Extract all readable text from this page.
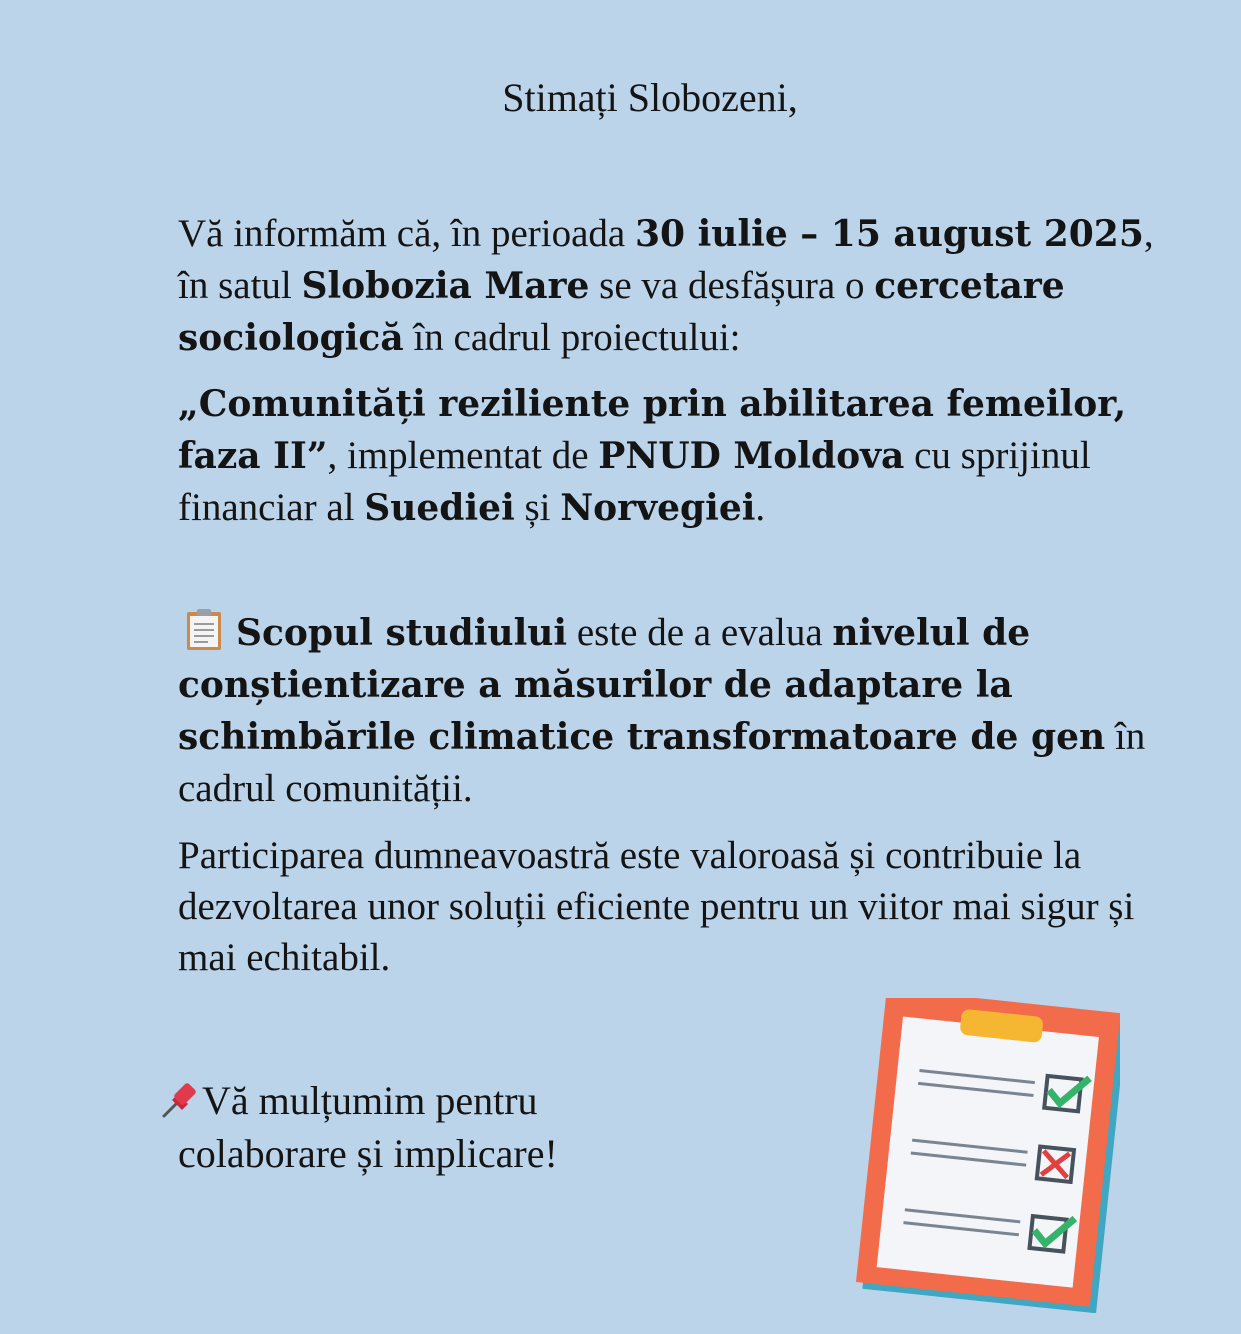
Stimați Slobozeni,
Vă informăm că, în perioada 30 iulie – 15 august 2025, în satul Slobozia Mare se va desfășura o cercetare sociologică în cadrul proiectului:
„Comunități reziliente prin abilitarea femeilor, faza II”, implementat de PNUD Moldova cu sprijinul financiar al Suediei și Norvegiei.
Scopul studiului este de a evalua nivelul de conștientizare a măsurilor de adaptare la schimbările climatice transformatoare de gen în cadrul comunității.
Participarea dumneavoastră este valoroasă și contribuie la dezvoltarea unor soluții eficiente pentru un viitor mai sigur și mai echitabil.
Vă mulțumim pentru
colaborare și implicare!
